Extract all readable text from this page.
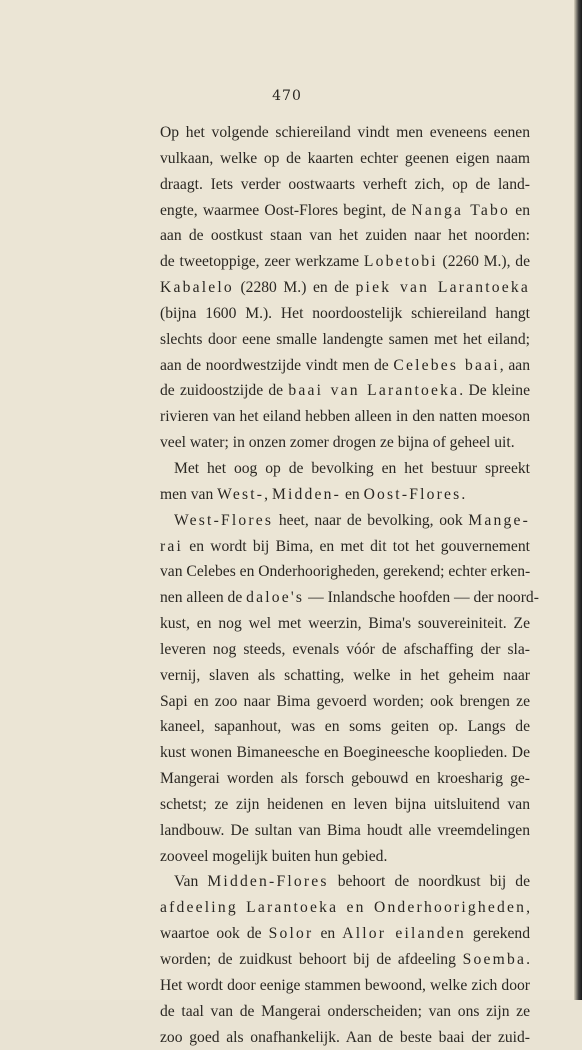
470
Op het volgende schiereiland vindt men eveneens eenen
vulkaan, welke op de kaarten echter geenen eigen naam
draagt. Iets verder oostwaarts verheft zich, op de land-
engte, waarmee Oost-Flores begint, de Nanga Tabo en
aan de oostkust staan van het zuiden naar het noorden:
de tweetoppige, zeer werkzame Lobetobi (2260 M.), de
Kabalelo (2280 M.) en de piek van Larantoeka
(bijna 1600 M.). Het noordoostelijk schiereiland hangt
slechts door eene smalle landengte samen met het eiland;
aan de noordwestzijde vindt men de Celebes baai, aan
de zuidoostzijde de baai van Larantoeka. De kleine
rivieren van het eiland hebben alleen in den natten moeson
veel water; in onzen zomer drogen ze bijna of geheel uit.
Met het oog op de bevolking en het bestuur spreekt
men van West-, Midden- en Oost-Flores.
West-Flores heet, naar de bevolking, ook Mange-
rai en wordt bij Bima, en met dit tot het gouvernement
van Celebes en Onderhoorigheden, gerekend; echter erken-
nen alleen de daloe's — Inlandsche hoofden — der noord-
kust, en nog wel met weerzin, Bima's souvereiniteit. Ze
leveren nog steeds, evenals vóór de afschaffing der sla-
vernij, slaven als schatting, welke in het geheim naar
Sapi en zoo naar Bima gevoerd worden; ook brengen ze
kaneel, sapanhout, was en soms geiten op. Langs de
kust wonen Bimaneesche en Boegineesche kooplieden. De
Mangerai worden als forsch gebouwd en kroesharig ge-
schetst; ze zijn heidenen en leven bijna uitsluitend van
landbouw. De sultan van Bima houdt alle vreemdelingen
zooveel mogelijk buiten hun gebied.
Van Midden-Flores behoort de noordkust bij de
afdeeling Larantoeka en Onderhoorigheden,
waartoe ook de Solor en Allor eilanden gerekend
worden; de zuidkust behoort bij de afdeeling Soemba.
Het wordt door eenige stammen bewoond, welke zich door
de taal van de Mangerai onderscheiden; van ons zijn ze
zoo goed als onafhankelijk. Aan de beste baai der zuid-
